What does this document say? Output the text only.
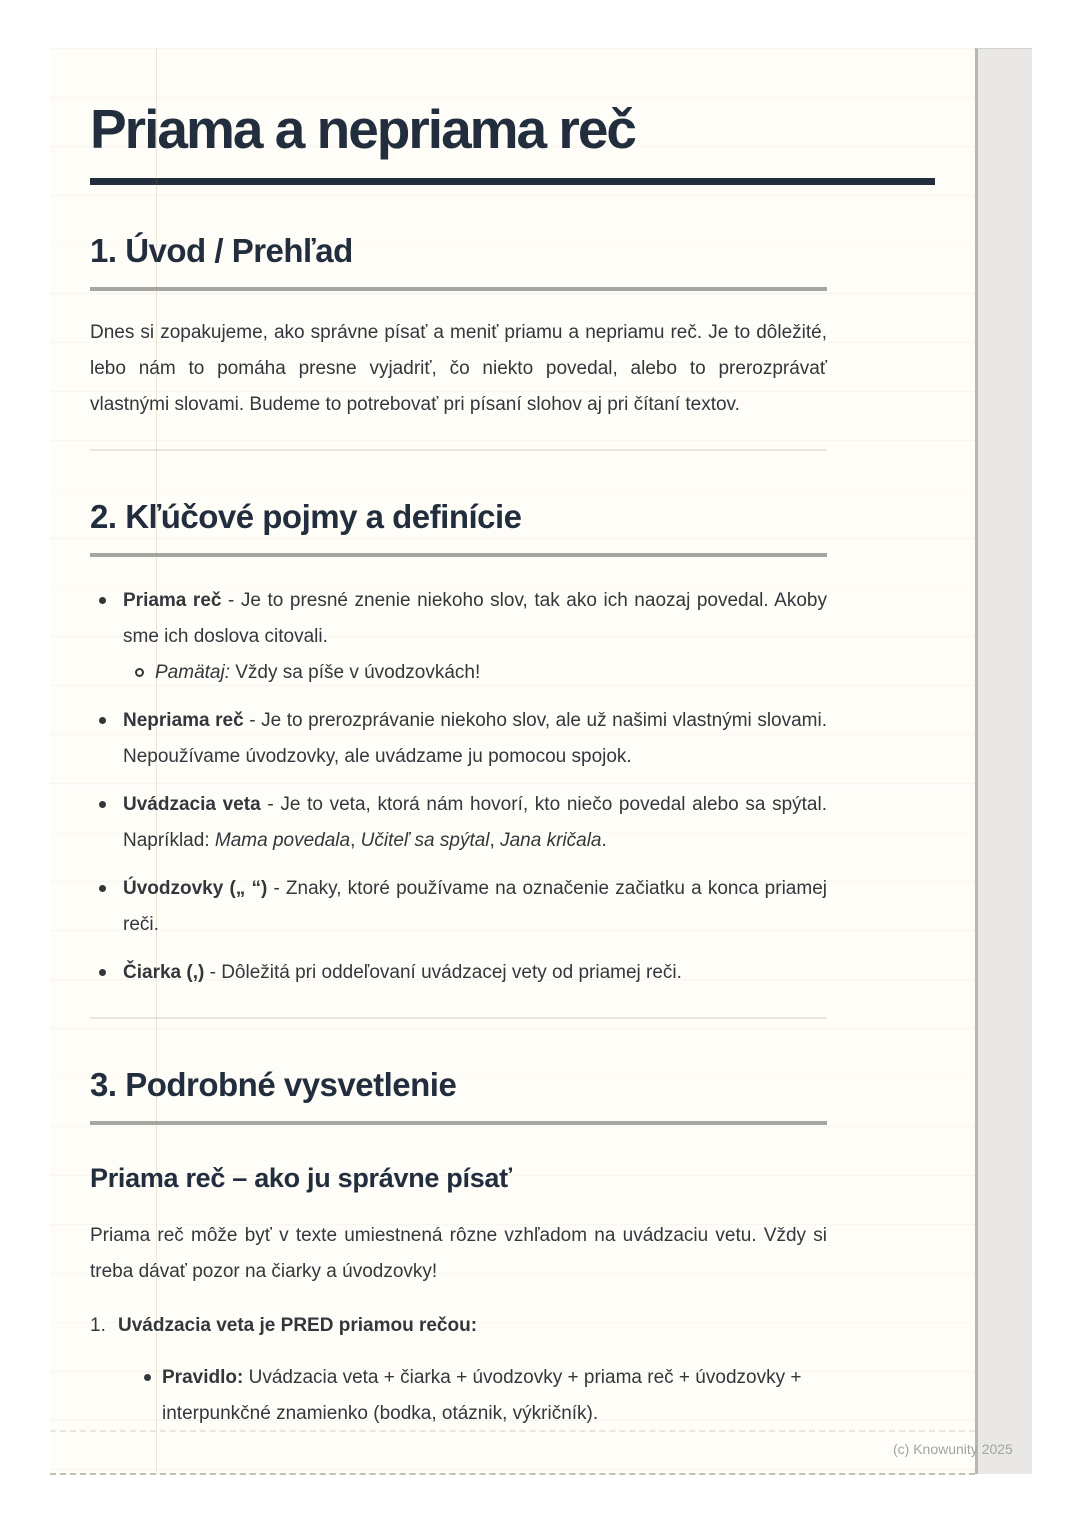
Priama a nepriama reč
1. Úvod / Prehľad

Dnes si zopakujeme, ako správne písať a meniť priamu a nepriamu reč. Je to dôležité, lebo nám to pomáha presne vyjadriť, čo niekto povedal, alebo to prerozprávať vlastnými slovami. Budeme to potrebovať pri písaní slohov aj pri čítaní textov.

2. Kľúčové pojmy a definície
Priama reč - Je to presné znenie niekoho slov, tak ako ich naozaj povedal. Akoby sme ich doslova citovali.
Pamätaj: Vždy sa píše v úvodzovkách!
Nepriama reč - Je to prerozprávanie niekoho slov, ale už našimi vlastnými slovami. Nepoužívame úvodzovky, ale uvádzame ju pomocou spojok.
Uvádzacia veta - Je to veta, ktorá nám hovorí, kto niečo povedal alebo sa spýtal. Napríklad: Mama povedala, Učiteľ sa spýtal, Jana kričala.
Úvodzovky („ “) - Znaky, ktoré používame na označenie začiatku a konca priamej reči.
Čiarka (,) - Dôležitá pri oddeľovaní uvádzacej vety od priamej reči.
3. Podrobné vysvetlenie
Priama reč – ako ju správne písať

Priama reč môže byť v texte umiestnená rôzne vzhľadom na uvádzaciu vetu. Vždy si treba dávať pozor na čiarky a úvodzovky!

1. Uvádzacia veta je PRED priamou rečou:
Pravidlo: Uvádzacia veta + čiarka + úvodzovky + priama reč + úvodzovky + interpunkčné znamienko (bodka, otáznik, výkričník).
(c) Knowunity 2025
